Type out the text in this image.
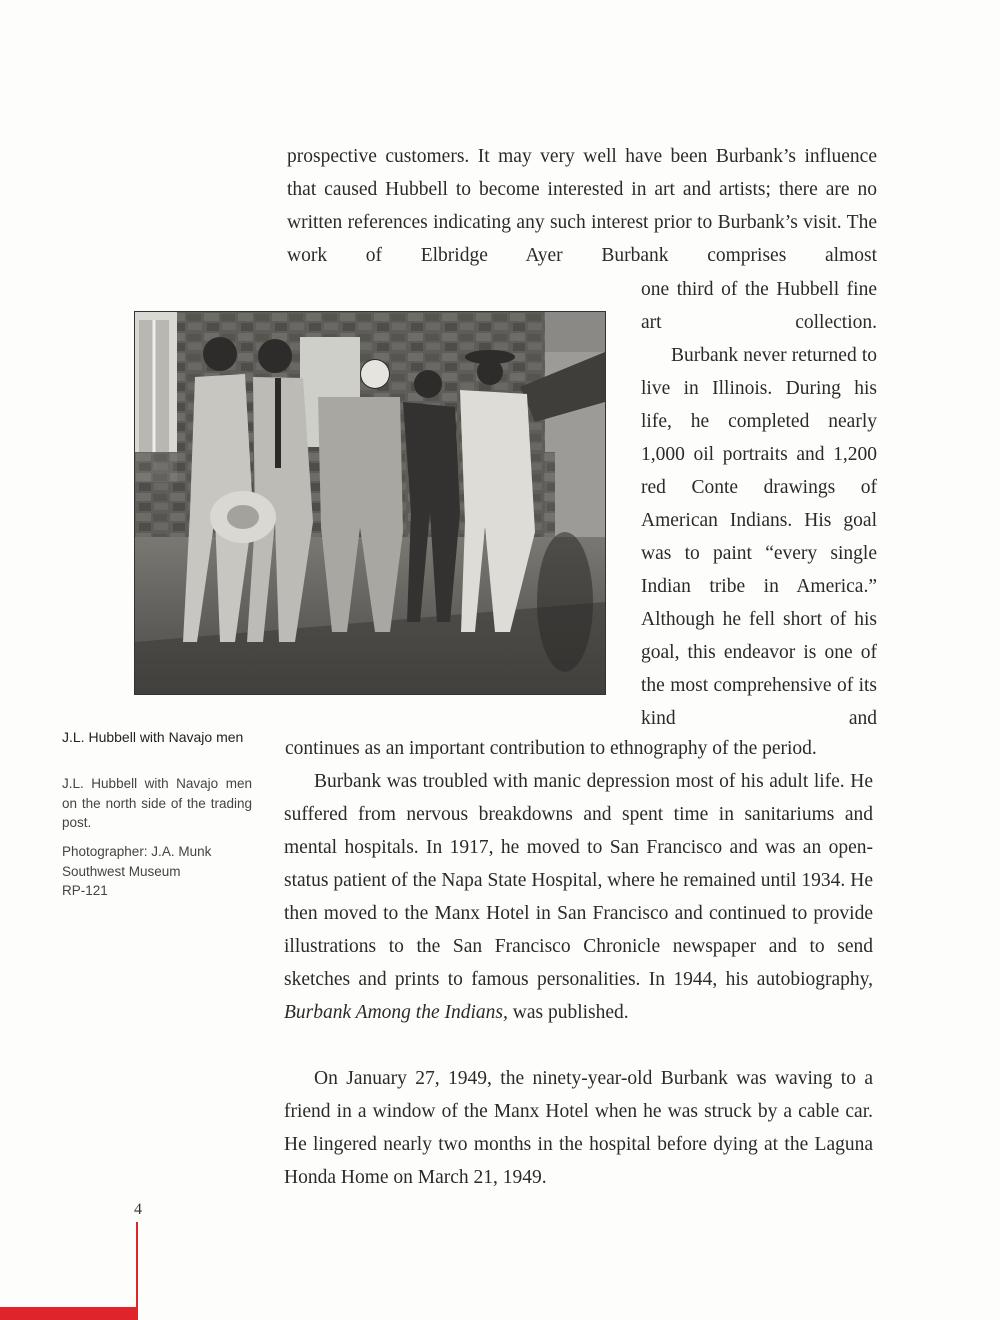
prospective customers. It may very well have been Burbank’s influence that caused Hubbell to become interested in art and artists; there are no written references indicating any such interest prior to Burbank’s visit. The work of Elbridge Ayer Burbank comprises almost

one third of the Hubbell fine art collection.

Burbank never returned to live in Illinois. During his life, he completed nearly 1,000 oil portraits and 1,200 red Conte drawings of American Indians. His goal was to paint “every single Indian tribe in America.” Although he fell short of his goal, this endeavor is one of the most comprehensive of its kind and

continues as an important contribution to ethnography of the period.

Burbank was troubled with manic depression most of his adult life. He suffered from nervous breakdowns and spent time in sanitariums and mental hospitals. In 1917, he moved to San Francisco and was an open-status patient of the Napa State Hospital, where he remained until 1934. He then moved to the Manx Hotel in San Francisco and continued to provide illustrations to the San Francisco Chronicle newspaper and to send sketches and prints to famous personalities. In 1944, his autobiography, Burbank Among the Indians, was published.

On January 27, 1949, the ninety-year-old Burbank was waving to a friend in a window of the Manx Hotel when he was struck by a cable car. He lingered nearly two months in the hospital before dying at the Laguna Honda Home on March 21, 1949.

J.L. Hubbell with Navajo men
J.L. Hubbell with Navajo men on the north side of the trading post.
Photographer: J.A. Munk
Southwest Museum
RP-121
4
